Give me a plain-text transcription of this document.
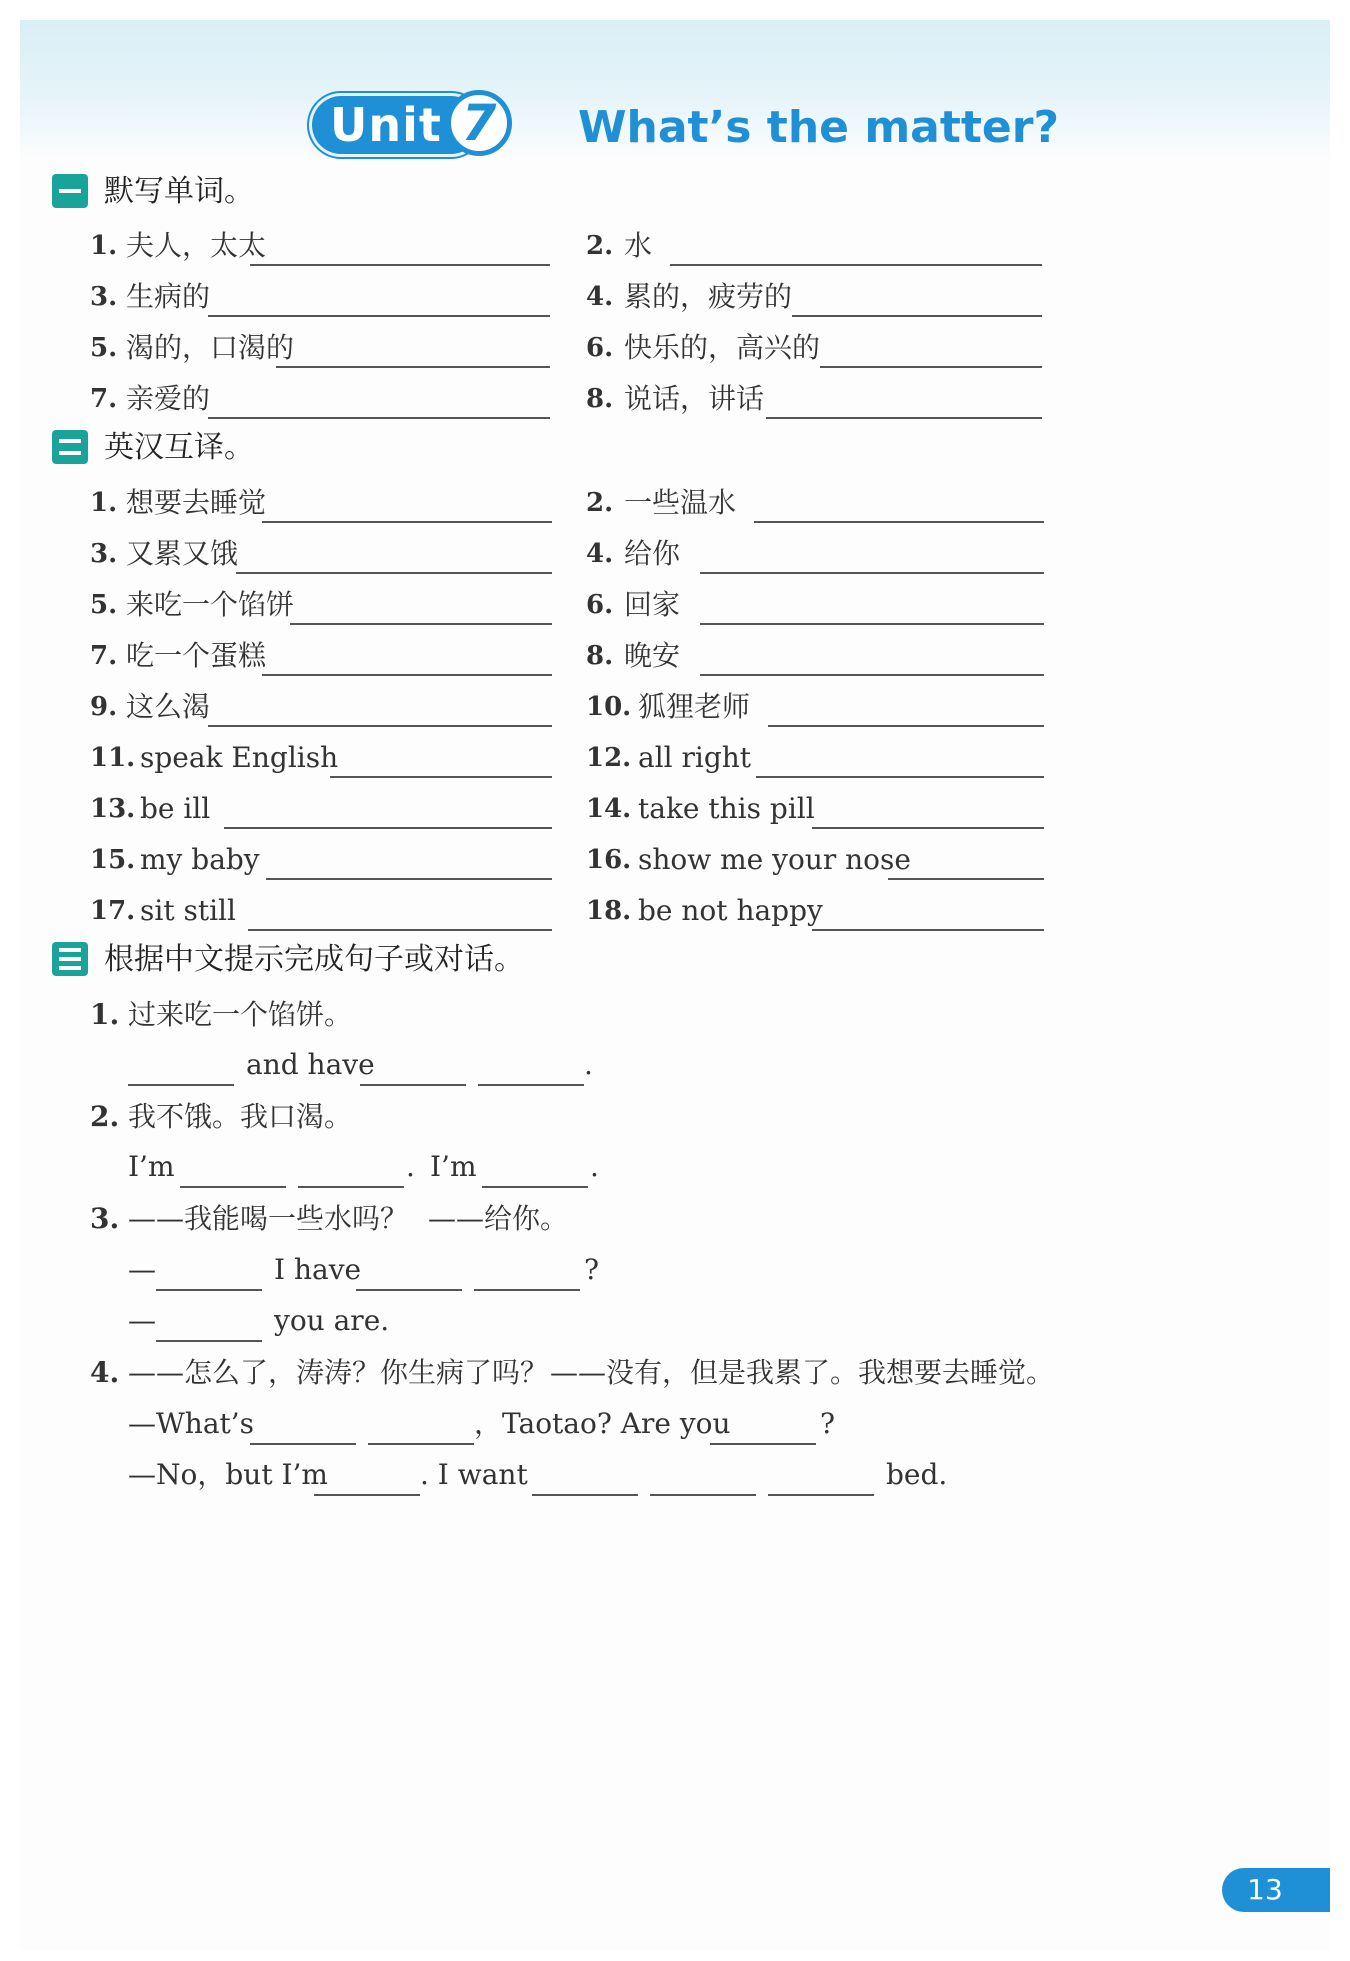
Unit 7 What’s the matter?
默写单词。
1. 夫人，太太	2. 水
3. 生病的	4. 累的，疲劳的
5. 渴的，口渴的	6. 快乐的，高兴的
7. 亲爱的	8. 说话，讲话
英汉互译。
1. 想要去睡觉	2. 一些温水
3. 又累又饿	4. 给你
5. 来吃一个馅饼	6. 回家
7. 吃一个蛋糕	8. 晚安
9. 这么渴	10. 狐狸老师
11. speak English	12. all right
13. be ill	14. take this pill
15. my baby	16. show me your nose
17. sit still	18. be not happy
根据中文提示完成句子或对话。
1. 过来吃一个馅饼。
and have	.
2. 我不饿。我口渴。
I’m	. I’m	.
3. ——我能喝一些水吗？ ——给你。
—	I have	?
—	you are.
4. ——怎么了，涛涛？你生病了吗？ ——没有，但是我累了。我想要去睡觉。
—What’s	，Taotao? Are you	?
—No，but I’m	. I want	bed.
13
